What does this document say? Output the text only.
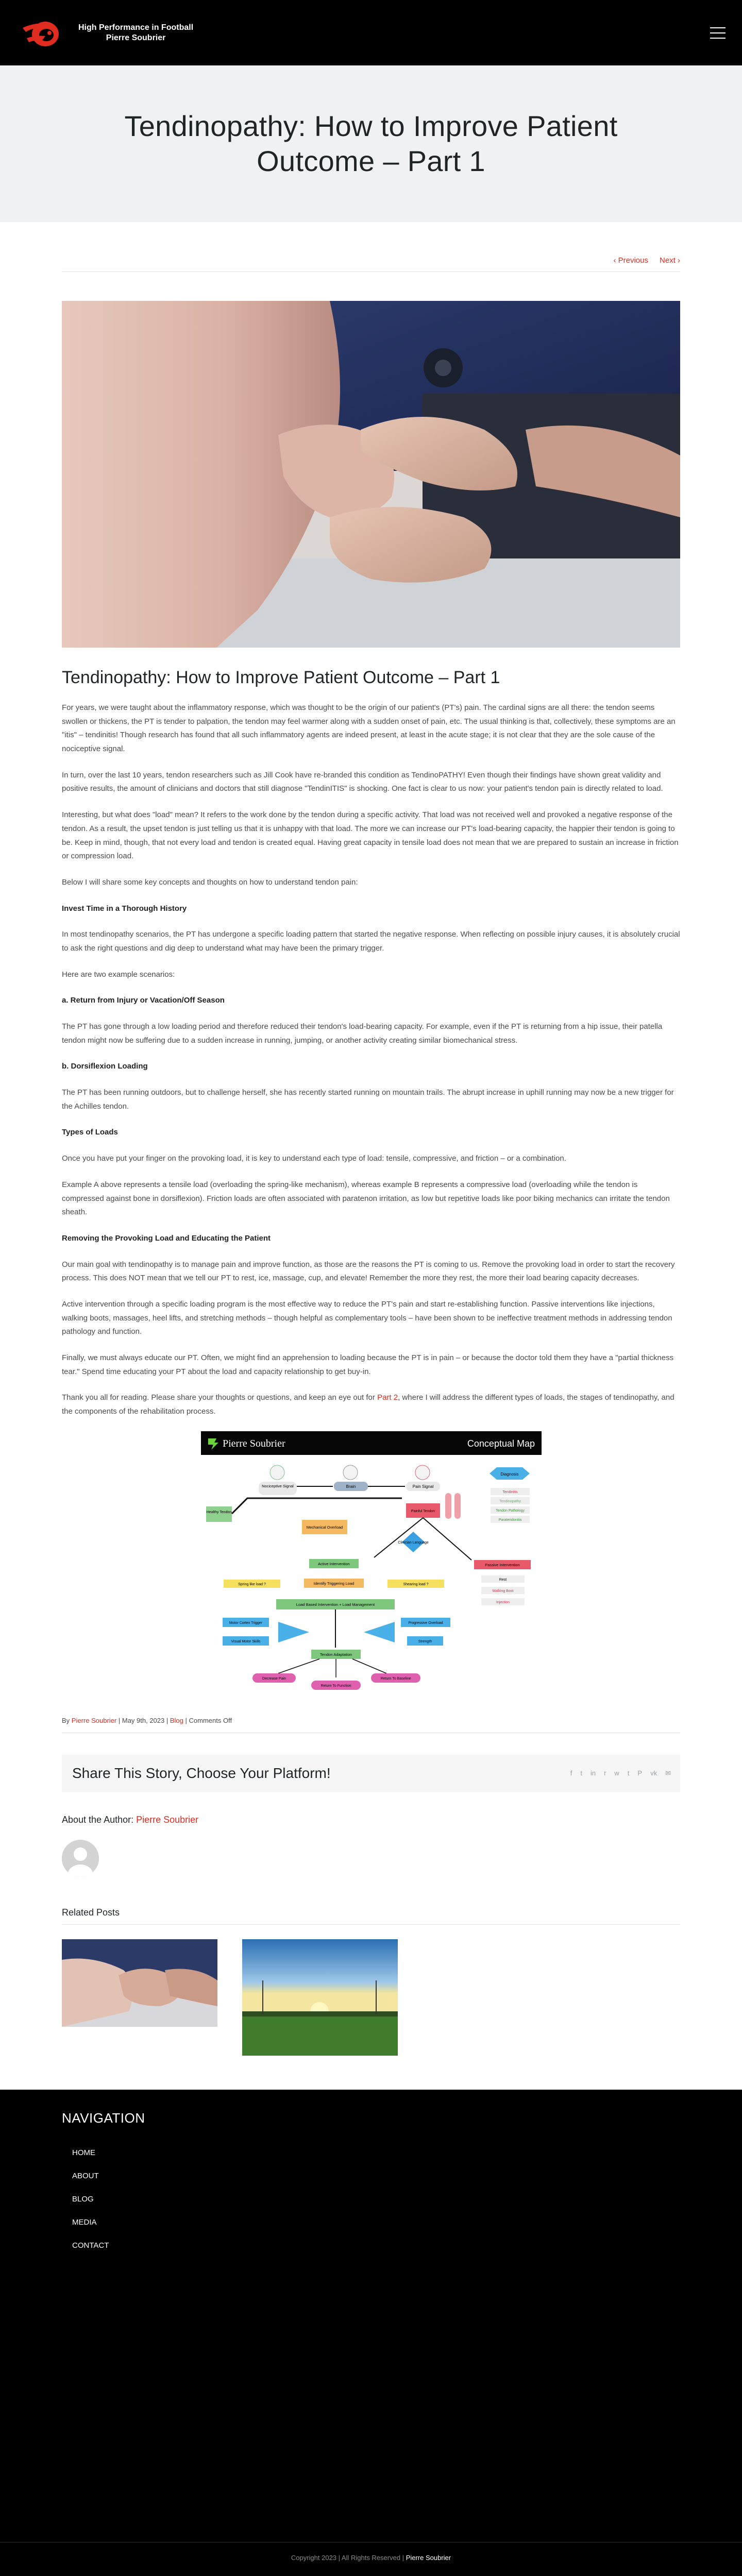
High Performance in Football
Pierre Soubrier
Tendinopathy: How to Improve Patient Outcome – Part 1
‹ Previous Next ›
Tendinopathy: How to Improve Patient Outcome – Part 1

For years, we were taught about the inflammatory response, which was thought to be the origin of our patient's (PT's) pain. The cardinal signs are all there: the tendon seems swollen or thickens, the PT is tender to palpation, the tendon may feel warmer along with a sudden onset of pain, etc. The usual thinking is that, collectively, these symptoms are an "itis" – tendinitis! Though research has found that all such inflammatory agents are indeed present, at least in the acute stage; it is not clear that they are the sole cause of the nociceptive signal.

In turn, over the last 10 years, tendon researchers such as Jill Cook have re-branded this condition as TendinoPATHY! Even though their findings have shown great validity and positive results, the amount of clinicians and doctors that still diagnose "TendinITIS" is shocking. One fact is clear to us now: your patient's tendon pain is directly related to load.

Interesting, but what does "load" mean? It refers to the work done by the tendon during a specific activity. That load was not received well and provoked a negative response of the tendon. As a result, the upset tendon is just telling us that it is unhappy with that load. The more we can increase our PT's load-bearing capacity, the happier their tendon is going to be. Keep in mind, though, that not every load and tendon is created equal. Having great capacity in tensile load does not mean that we are prepared to sustain an increase in friction or compression load.

Below I will share some key concepts and thoughts on how to understand tendon pain:

Invest Time in a Thorough History

In most tendinopathy scenarios, the PT has undergone a specific loading pattern that started the negative response. When reflecting on possible injury causes, it is absolutely crucial to ask the right questions and dig deep to understand what may have been the primary trigger.

Here are two example scenarios:

a. Return from Injury or Vacation/Off Season

The PT has gone through a low loading period and therefore reduced their tendon's load-bearing capacity. For example, even if the PT is returning from a hip issue, their patella tendon might now be suffering due to a sudden increase in running, jumping, or another activity creating similar biomechanical stress.

b. Dorsiflexion Loading

The PT has been running outdoors, but to challenge herself, she has recently started running on mountain trails. The abrupt increase in uphill running may now be a new trigger for the Achilles tendon.

Types of Loads

Once you have put your finger on the provoking load, it is key to understand each type of load: tensile, compressive, and friction – or a combination.

Example A above represents a tensile load (overloading the spring-like mechanism), whereas example B represents a compressive load (overloading while the tendon is compressed against bone in dorsiflexion). Friction loads are often associated with paratenon irritation, as low but repetitive loads like poor biking mechanics can irritate the tendon sheath.

Removing the Provoking Load and Educating the Patient

Our main goal with tendinopathy is to manage pain and improve function, as those are the reasons the PT is coming to us. Remove the provoking load in order to start the recovery process. This does NOT mean that we tell our PT to rest, ice, massage, cup, and elevate! Remember the more they rest, the more their load bearing capacity decreases.

Active intervention through a specific loading program is the most effective way to reduce the PT's pain and start re-establishing function. Passive interventions like injections, walking boots, massages, heel lifts, and stretching methods – though helpful as complementary tools – have been shown to be ineffective treatment methods in addressing tendon pathology and function.

Finally, we must always educate our PT. Often, we might find an apprehension to loading because the PT is in pain – or because the doctor told them they have a "partial thickness tear." Spend time educating your PT about the load and capacity relationship to get buy-in.

Thank you all for reading. Please share your thoughts or questions, and keep an eye out for Part 2, where I will address the different types of loads, the stages of tendinopathy, and the components of the rehabilitation process.

Pierre Soubrier	Conceptual Map
Nociceptive Signal	Brain	Pain Signal
Diagnosis
Tendinitis
Tendinopathy
Tendon Pathology
Paratendonitis
Healthy Tendon	Painful Tendon
Mechanical Overload
Clinician Language
Active Intervention	Passive Intervention
Rest
Walking Boot
Injection
Spring like load ?	Identify Triggering Load	Shearing load ?
Load Based Intervention + Load Management
Motor Cortex Trigger
Visual Motor Skills
Progressive Overload
Strength
Tendon Adaptation
Decrease Pain
Return To Function
Return To Baseline
By Pierre Soubrier | May 9th, 2023 | Blog | Comments Off
Share This Story, Choose Your Platform!	f t in r w t P vk ✉
About the Author: Pierre Soubrier
Related Posts
NAVIGATION
HOME
ABOUT
BLOG
MEDIA
CONTACT
Copyright 2023 | All Rights Reserved | Pierre Soubrier
